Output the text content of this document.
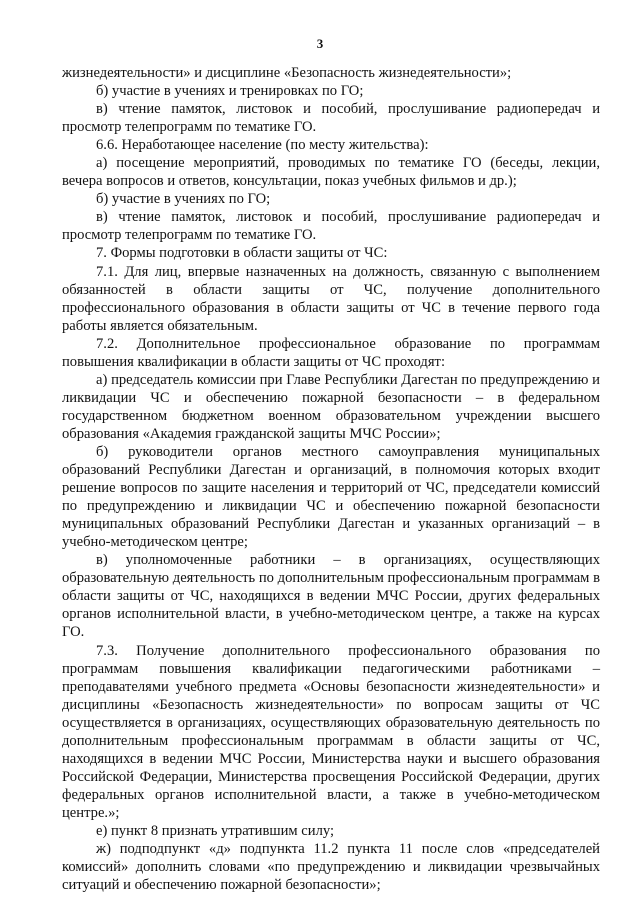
3

жизнедеятельности» и дисциплине «Безопасность жизнедеятельности»;

б) участие в учениях и тренировках по ГО;

в) чтение памяток, листовок и пособий, прослушивание радиопередач и просмотр телепрограмм по тематике ГО.

6.6. Неработающее население (по месту жительства):

а) посещение мероприятий, проводимых по тематике ГО (беседы, лекции, вечера вопросов и ответов, консультации, показ учебных фильмов и др.);

б) участие в учениях по ГО;

в) чтение памяток, листовок и пособий, прослушивание радиопередач и просмотр телепрограмм по тематике ГО.

7. Формы подготовки в области защиты от ЧС:

7.1. Для лиц, впервые назначенных на должность, связанную с выполнением обязанностей в области защиты от ЧС, получение дополнительного профессионального образования в области защиты от ЧС в течение первого года работы является обязательным.

7.2. Дополнительное профессиональное образование по программам повышения квалификации в области защиты от ЧС проходят:

а) председатель комиссии при Главе Республики Дагестан по предупреждению и ликвидации ЧС и обеспечению пожарной безопасности – в федеральном государственном бюджетном военном образовательном учреждении высшего образования «Академия гражданской защиты МЧС России»;

б) руководители органов местного самоуправления муниципальных образований Республики Дагестан и организаций, в полномочия которых входит решение вопросов по защите населения и территорий от ЧС, председатели комиссий по предупреждению и ликвидации ЧС и обеспечению пожарной безопасности муниципальных образований Республики Дагестан и указанных организаций – в учебно-методическом центре;

в) уполномоченные работники – в организациях, осуществляющих образовательную деятельность по дополнительным профессиональным программам в области защиты от ЧС, находящихся в ведении МЧС России, других федеральных органов исполнительной власти, в учебно-методическом центре, а также на курсах ГО.

7.3. Получение дополнительного профессионального образования по программам повышения квалификации педагогическими работниками – преподавателями учебного предмета «Основы безопасности жизнедеятельности» и дисциплины «Безопасность жизнедеятельности» по вопросам защиты от ЧС осуществляется в организациях, осуществляющих образовательную деятельность по дополнительным профессиональным программам в области защиты от ЧС, находящихся в ведении МЧС России, Министерства науки и высшего образования Российской Федерации, Министерства просвещения Российской Федерации, других федеральных органов исполнительной власти, а также в учебно-методическом центре.»;

е) пункт 8 признать утратившим силу;

ж) подподпункт «д» подпункта 11.2 пункта 11 после слов «председателей комиссий» дополнить словами «по предупреждению и ликвидации чрезвычайных ситуаций и обеспечению пожарной безопасности»;
